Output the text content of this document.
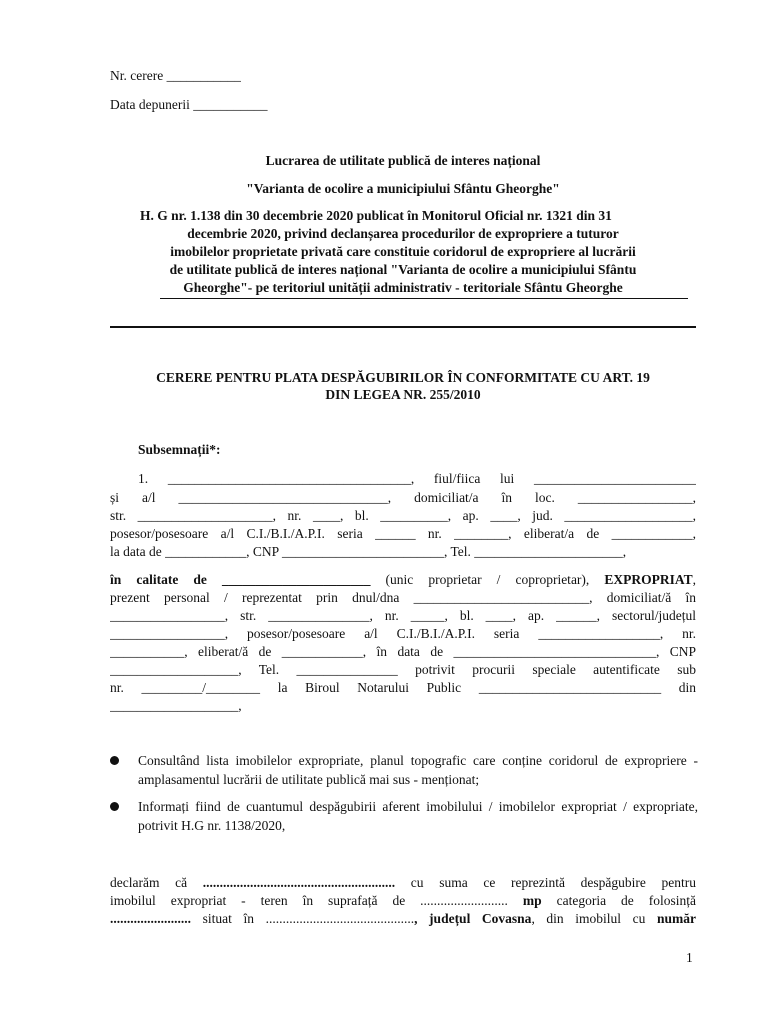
Nr. cerere ___________
Data depunerii ___________
Lucrarea de utilitate publică de interes național
"Varianta de ocolire a municipiului Sfântu Gheorghe"
H. G nr. 1.138 din 30 decembrie 2020 publicat în Monitorul Oficial nr. 1321 din 31
decembrie 2020, privind declanșarea procedurilor de expropriere a tuturor
imobilelor proprietate privată care constituie coridorul de expropriere al lucrării
de utilitate publică de interes național "Varianta de ocolire a municipiului Sfântu
Gheorghe"- pe teritoriul unității administrativ - teritoriale Sfântu Gheorghe
CERERE PENTRU PLATA DESPĂGUBIRILOR ÎN CONFORMITATE CU ART. 19
DIN LEGEA NR. 255/2010
Subsemnații*:
1. ____________________________________, fiul/fiica lui ________________________
și a/l _______________________________, domiciliat/a în loc. _________________,
str. ____________________, nr. ____, bl. __________, ap. ____, jud. ___________________,
posesor/posesoare a/l C.I./B.I./A.P.I. seria ______ nr. ________, eliberat/a de ____________,
la data de ____________, CNP ________________________, Tel. ______________________,
în calitate de ______________________ (unic proprietar / coproprietar), EXPROPRIAT,
prezent personal / reprezentat prin dnul/dna __________________________, domiciliat/ă în
_________________, str. _______________, nr. _____, bl. ____, ap. ______, sectorul/județul
_________________, posesor/posesoare a/l C.I./B.I./A.P.I. seria __________________, nr.
___________, eliberat/ă de ____________, în data de ______________________________, CNP
___________________, Tel. _______________ potrivit procurii speciale autentificate sub
nr. _________/________ la Biroul Notarului Public ___________________________ din
___________________,
Consultând lista imobilelor expropriate, planul topografic care conține coridorul de expropriere - amplasamentul lucrării de utilitate publică mai sus - menționat;
Informați fiind de cuantumul despăgubirii aferent imobilului / imobilelor expropriat / expropriate, potrivit H.G nr. 1138/2020,
declarăm că ......................................................... cu suma ce reprezintă despăgubire pentru
imobilul expropriat - teren în suprafață de .......................... mp categoria de folosință
........................ situat în ............................................, județul Covasna, din imobilul cu număr
1
